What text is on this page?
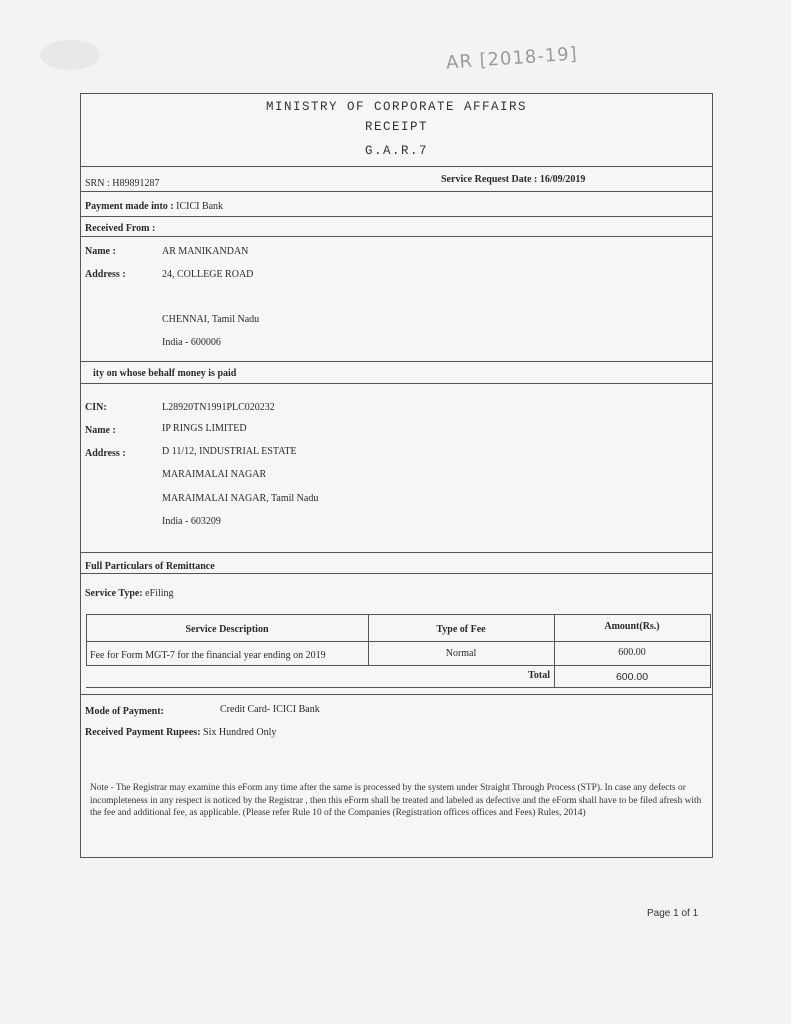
AR [2018-19]
MINISTRY OF CORPORATE AFFAIRS
RECEIPT
G.A.R.7
SRN : H89891287	Service Request Date : 16/09/2019
Payment made into : ICICI Bank
Received From :
Name :	AR MANIKANDAN
Address :	24, COLLEGE ROAD
CHENNAI, Tamil Nadu
India - 600006
ity on whose behalf money is paid
CIN:	L28920TN1991PLC020232
Name :	IP RINGS LIMITED
Address :	D 11/12, INDUSTRIAL ESTATE
MARAIMALAI NAGAR
MARAIMALAI NAGAR, Tamil Nadu
India - 603209
Full Particulars of Remittance
Service Type: eFiling
Service Description	Type of Fee	Amount(Rs.)
Fee for Form MGT-7 for the financial year ending on 2019	Normal	600.00
Total	600.00
Mode of Payment:	Credit Card- ICICI Bank
Received Payment Rupees: Six Hundred Only
Note - The Registrar may examine this eForm any time after the same is processed by the system under Straight Through Process (STP). In case any defects or incompleteness in any respect is noticed by the Registrar , then this eForm shall be treated and labeled as defective and the eForm shall have to be filed afresh with the fee and additional fee, as applicable. (Please refer Rule 10 of the Companies (Registration offices offices and Fees) Rules, 2014)
Page 1 of 1
